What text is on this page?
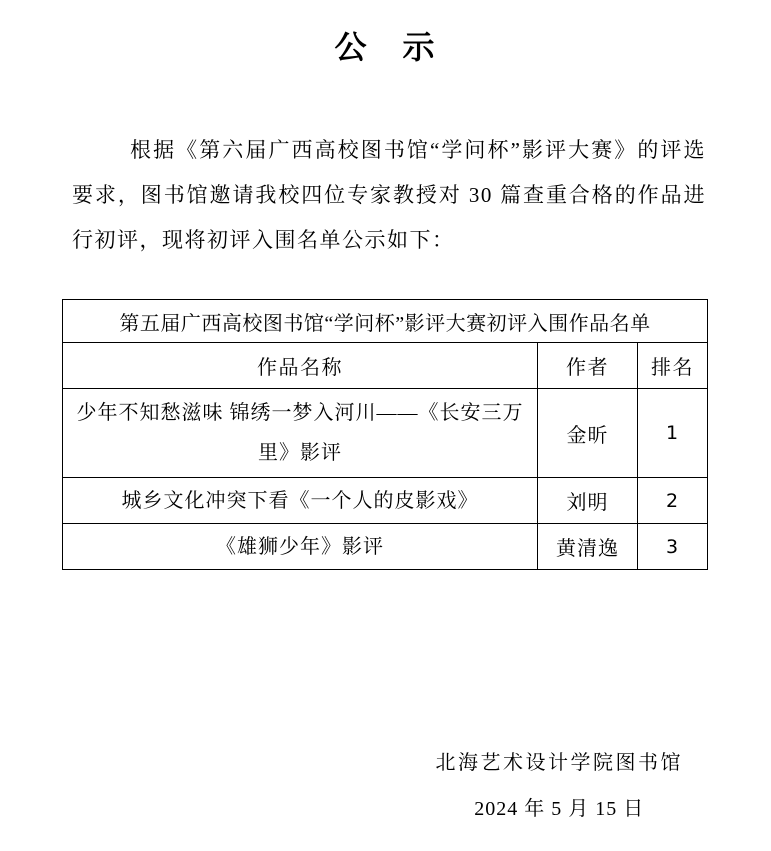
公　示

根据《第六届广西高校图书馆“学问杯”影评大赛》的评选要求，图书馆邀请我校四位专家教授对 30 篇查重合格的作品进行初评，现将初评入围名单公示如下：

第五届广西高校图书馆“学问杯”影评大赛初评入围作品名单		
作品名称	作者	排名
少年不知愁滋味 锦绣一梦入河川——《长安三万里》影评	金昕	1
城乡文化冲突下看《一个人的皮影戏》	刘明	2
《雄狮少年》影评	黄清逸	3
北海艺术设计学院图书馆
2024 年 5 月 15 日
